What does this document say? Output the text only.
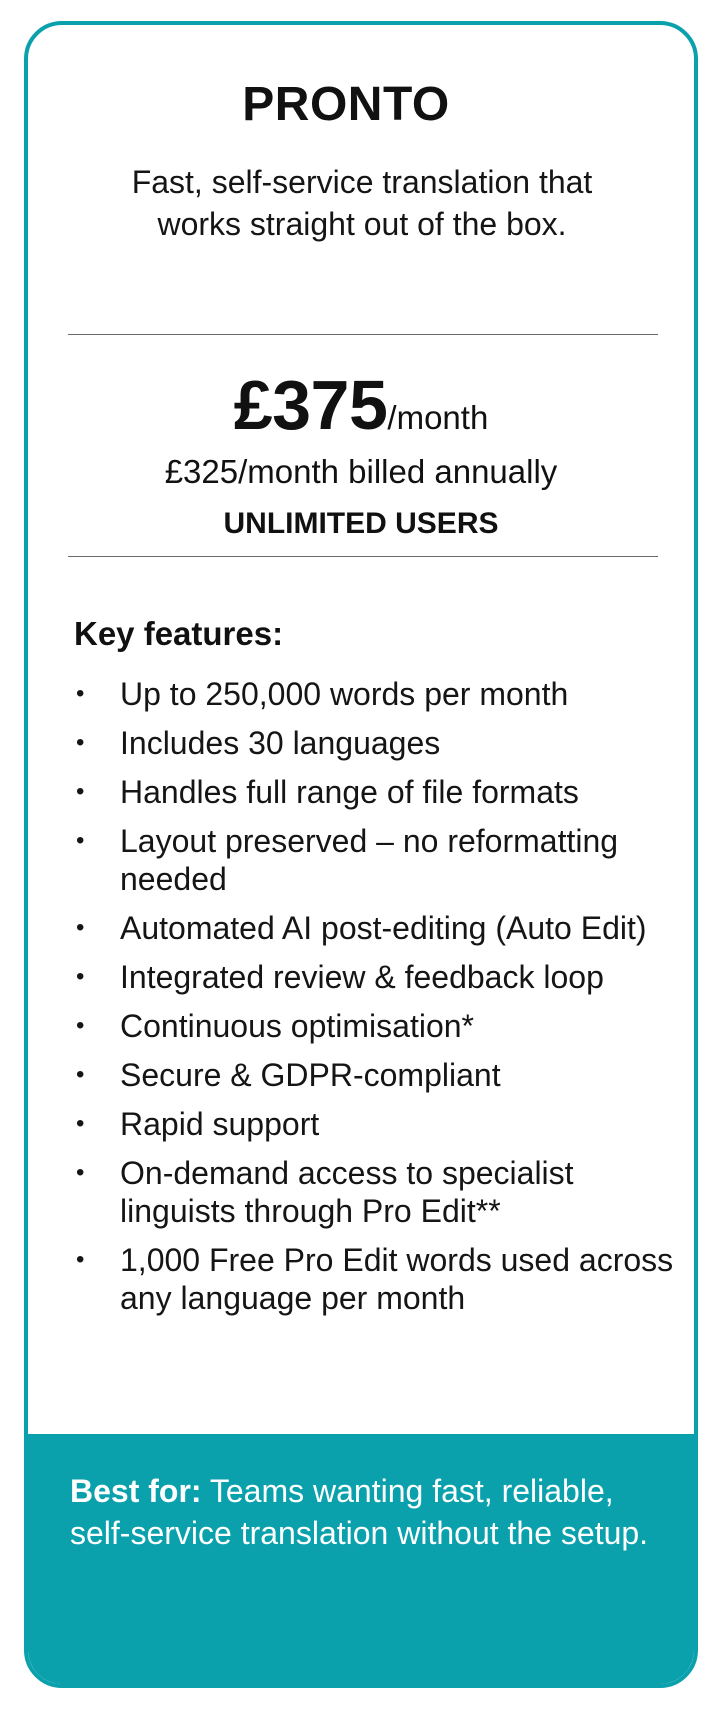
PRONTO

Fast, self-service translation that works straight out of the box.

£375/month

£325/month billed annually

UNLIMITED USERS

Key features:
• Up to 250,000 words per month
• Includes 30 languages
• Handles full range of file formats
• Layout preserved – no reformatting needed
• Automated AI post-editing (Auto Edit)
• Integrated review & feedback loop
• Continuous optimisation*
• Secure & GDPR-compliant
• Rapid support
• On-demand access to specialist linguists through Pro Edit**
• 1,000 Free Pro Edit words used across any language per month

Best for: Teams wanting fast, reliable, self-service translation without the setup.
